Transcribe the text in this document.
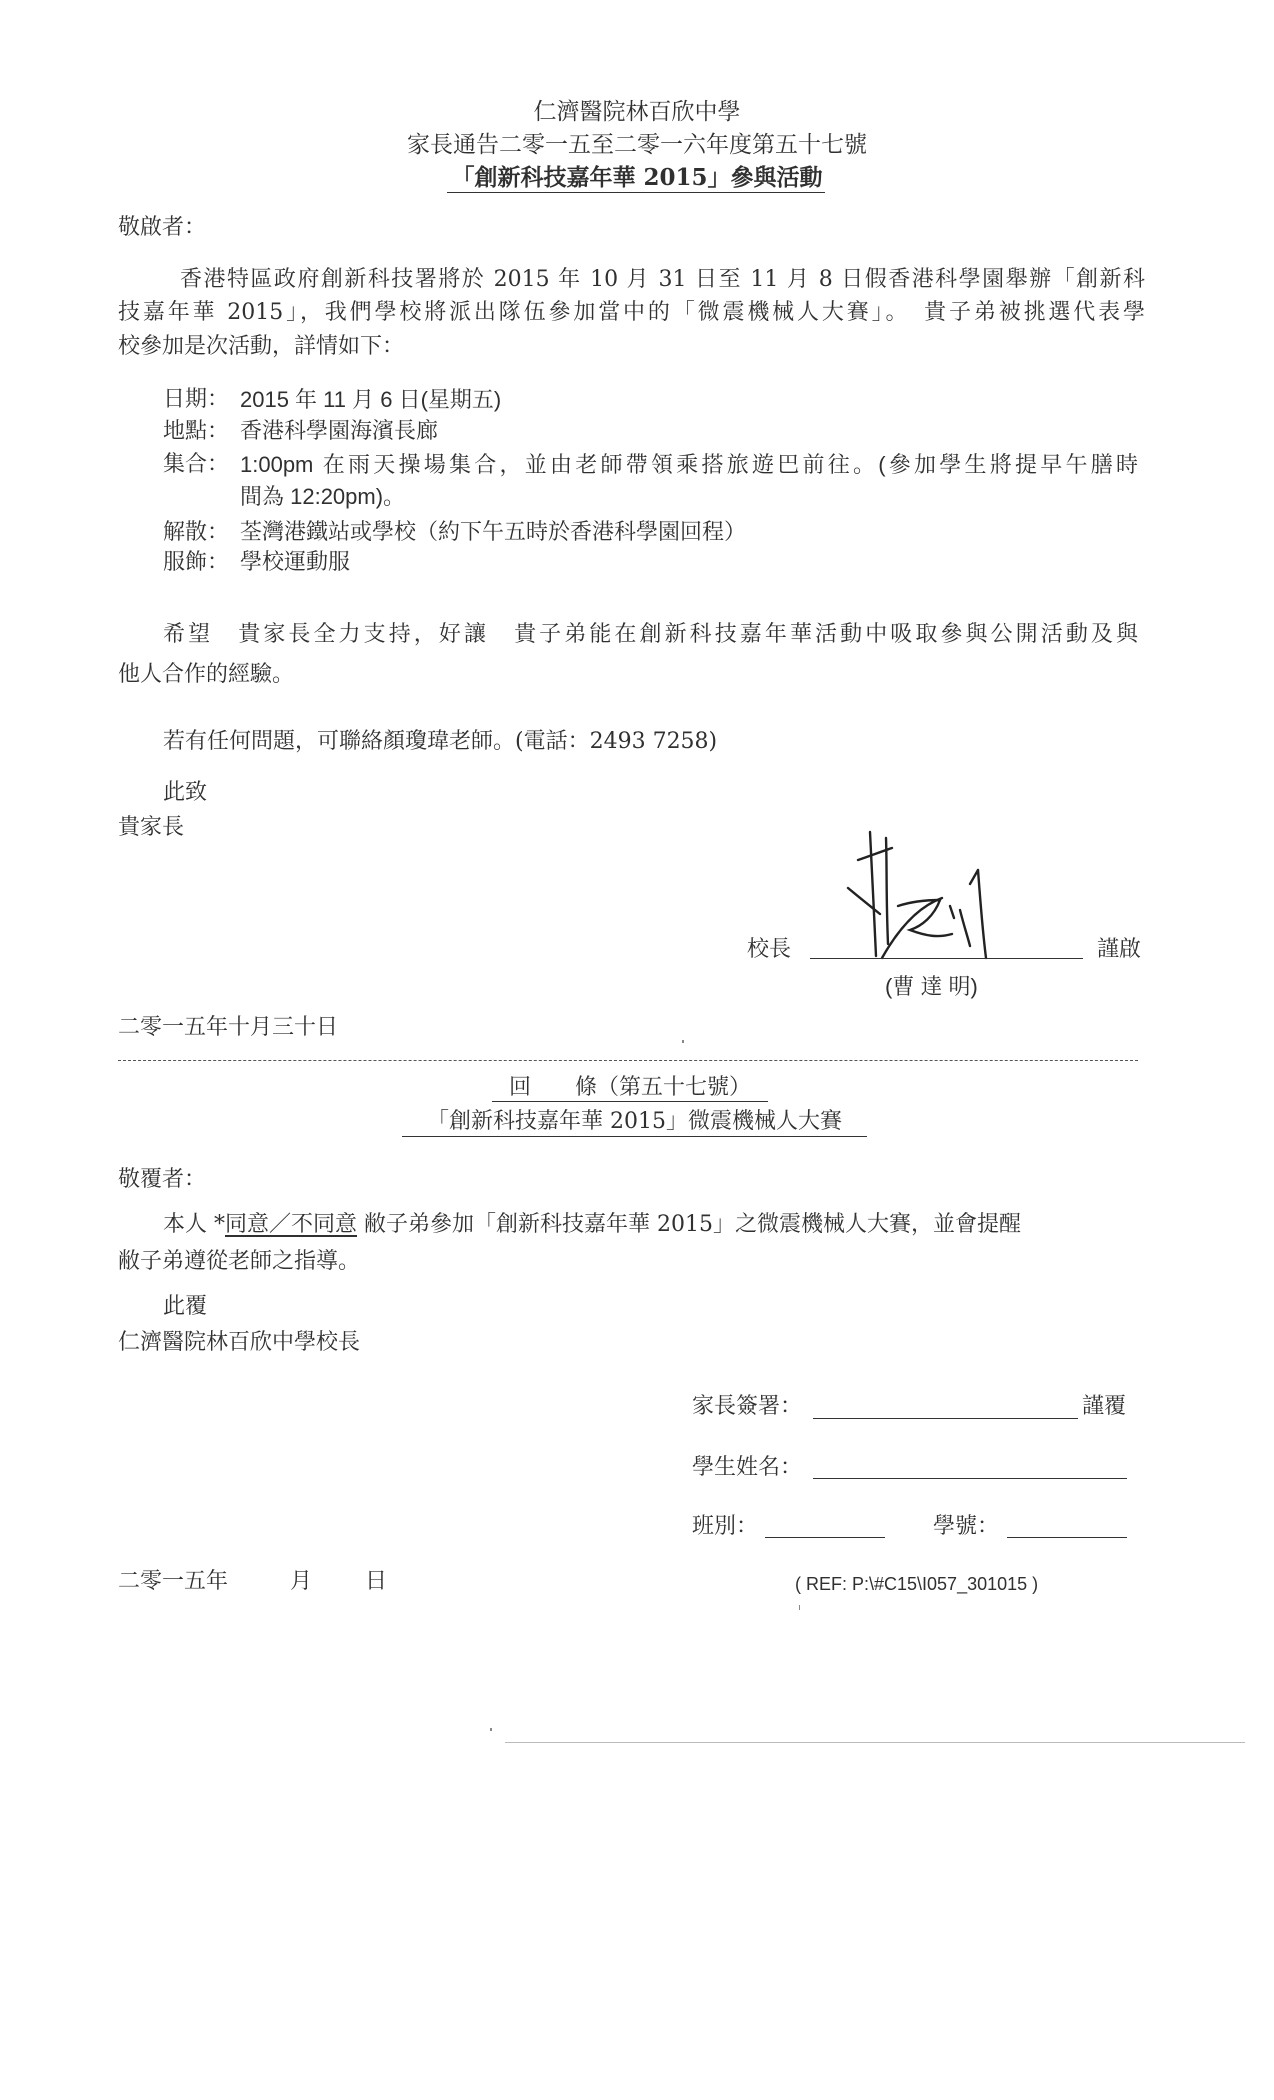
仁濟醫院林百欣中學
家長通告二零一五至二零一六年度第五十七號
「創新科技嘉年華 2015」參與活動
敬啟者：
香港特區政府創新科技署將於 2015 年 10 月 31 日至 11 月 8 日假香港科學園舉辦「創新科
技嘉年華 2015」，我們學校將派出隊伍參加當中的「微震機械人大賽」。　貴子弟被挑選代表學
校參加是次活動，詳情如下：
日期： 2015 年 11 月 6 日(星期五)
地點： 香港科學園海濱長廊
集合： 1:00pm 在雨天操場集合，並由老師帶領乘搭旅遊巴前往。(參加學生將提早午膳時
間為 12:20pm)。
解散： 荃灣港鐵站或學校（約下午五時於香港科學園回程）
服飾： 學校運動服
希望　貴家長全力支持，好讓　貴子弟能在創新科技嘉年華活動中吸取參與公開活動及與
他人合作的經驗。
若有任何問題，可聯絡顏瓊瑋老師。(電話：2493 7258)
此致
貴家長
校長	謹啟
(曹 達 明)
二零一五年十月三十日
回　　條（第五十七號）
「創新科技嘉年華 2015」微震機械人大賽
敬覆者：
本人 *同意／不同意 敝子弟參加「創新科技嘉年華 2015」之微震機械人大賽，並會提醒
敝子弟遵從老師之指導。
此覆
仁濟醫院林百欣中學校長
家長簽署：	謹覆
學生姓名：
班別：	學號：
二零一五年	月 日	( REF: P:\#C15\I057_301015 )
